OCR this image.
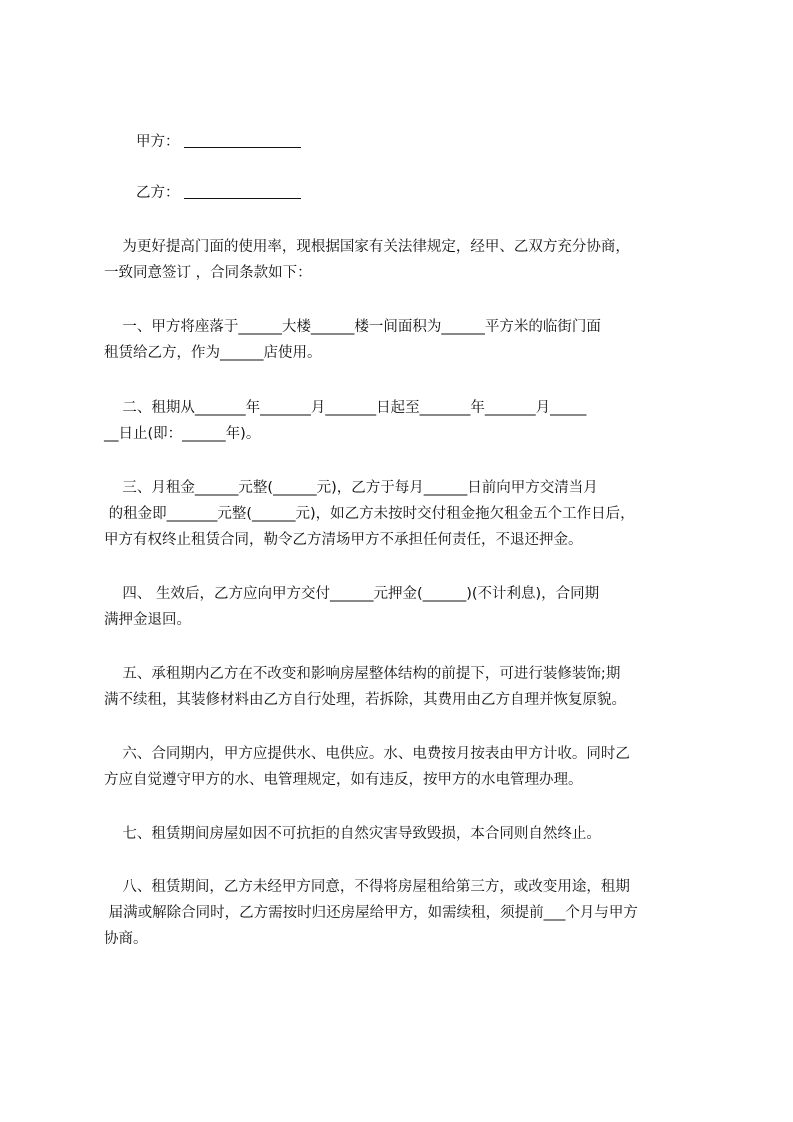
甲方：
乙方：
为更好提高门面的使用率，现根据国家有关法律规定，经甲、乙双方充分协商，
一致同意签订 ，合同条款如下：
一、甲方将座落于______大楼______楼一间面积为______平方米的临街门面
租赁给乙方，作为______店使用。
二、租期从_______年_______月_______日起至_______年_______月_____
__日止(即：______年)。
三、月租金______元整(______元)，乙方于每月______日前向甲方交清当月
的租金即_______元整(______元)，如乙方未按时交付租金拖欠租金五个工作日后，
甲方有权终止租赁合同，勒令乙方清场甲方不承担任何责任，不退还押金。
四、 生效后，乙方应向甲方交付______元押金(______)(不计利息)，合同期
满押金退回。
五、承租期内乙方在不改变和影响房屋整体结构的前提下，可进行装修装饰;期
满不续租，其装修材料由乙方自行处理，若拆除，其费用由乙方自理并恢复原貌。
六、合同期内，甲方应提供水、电供应。水、电费按月按表由甲方计收。同时乙
方应自觉遵守甲方的水、电管理规定，如有违反，按甲方的水电管理办理。
七、租赁期间房屋如因不可抗拒的自然灾害导致毁损，本合同则自然终止。
八、租赁期间，乙方未经甲方同意，不得将房屋租给第三方，或改变用途，租期
届满或解除合同时，乙方需按时归还房屋给甲方，如需续租，须提前___个月与甲方
协商。
